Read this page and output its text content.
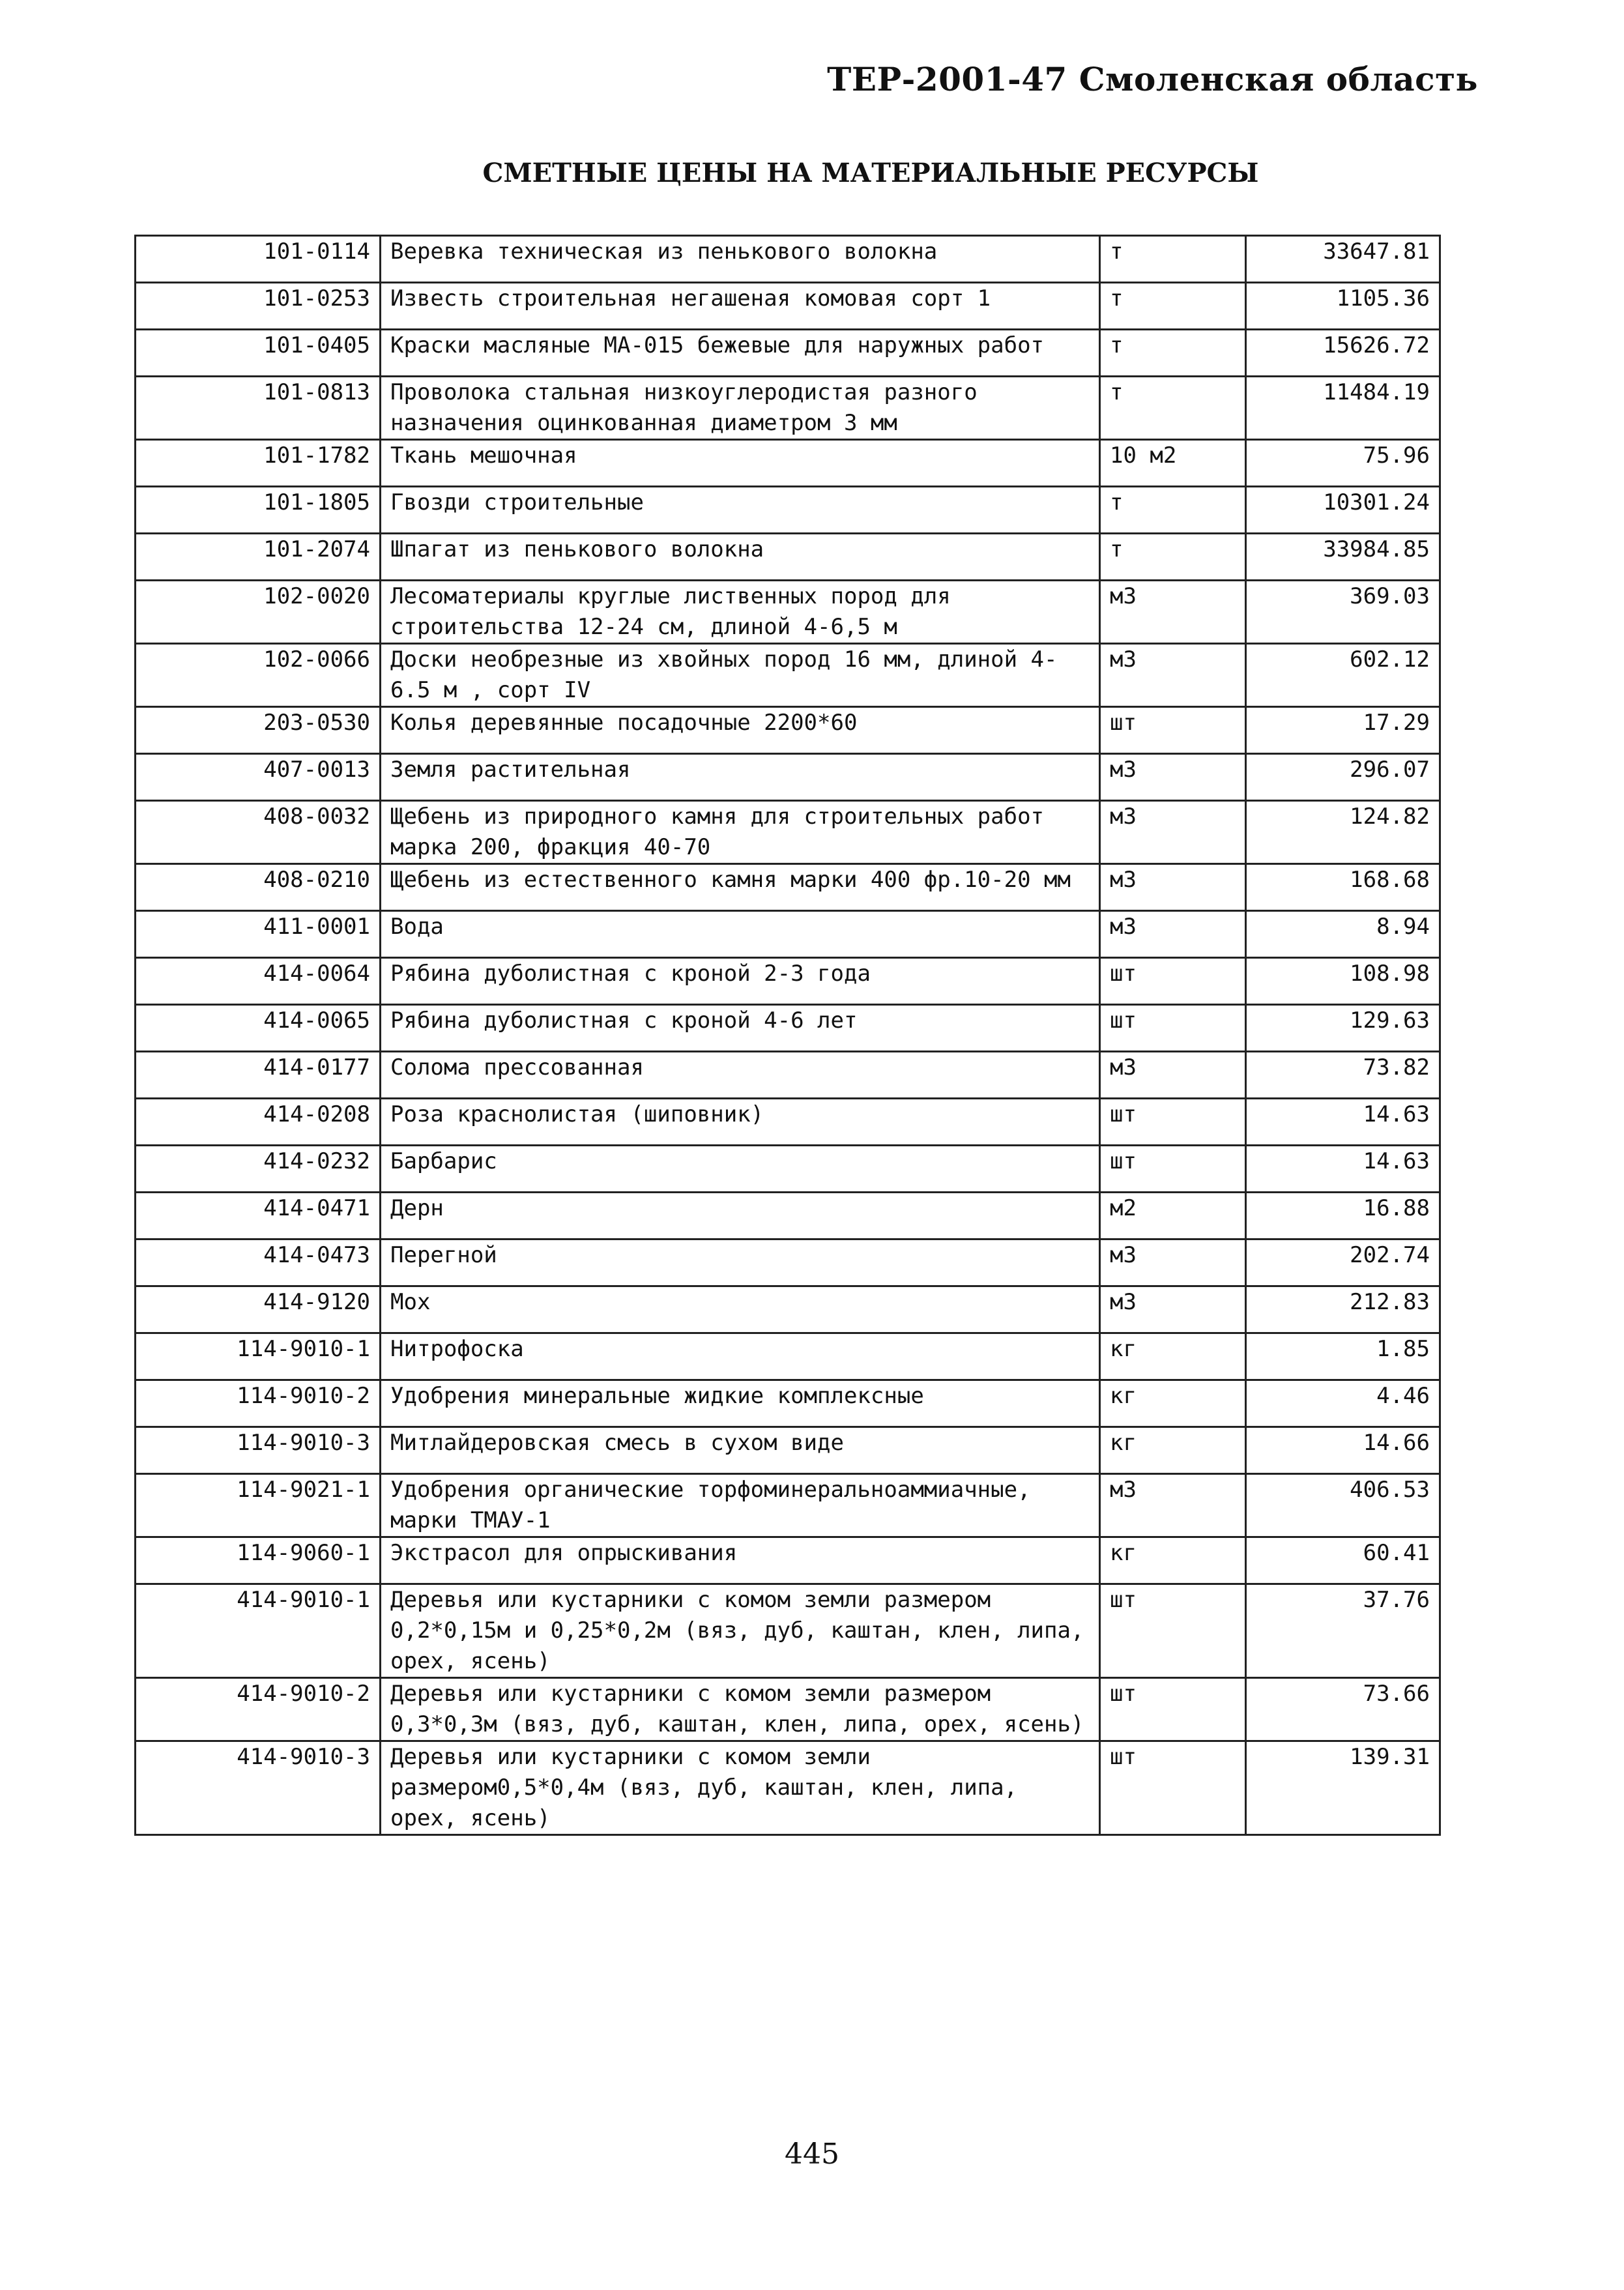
ТЕР-2001-47 Смоленская область
СМЕТНЫЕ ЦЕНЫ НА МАТЕРИАЛЬНЫЕ РЕСУРСЫ
101-0114	Веревка техническая из пенькового волокна	т	33647.81
101-0253	Известь строительная негашеная комовая сорт 1	т	1105.36
101-0405	Краски масляные МА-015 бежевые для наружных работ	т	15626.72
101-0813	Проволока стальная низкоуглеродистая разного назначения оцинкованная диаметром 3 мм	т	11484.19
101-1782	Ткань мешочная	10 м2	75.96
101-1805	Гвозди строительные	т	10301.24
101-2074	Шпагат из пенькового волокна	т	33984.85
102-0020	Лесоматериалы круглые лиственных пород для строительства 12-24 см, длиной 4-6,5 м	м3	369.03
102-0066	Доски необрезные из хвойных пород 16 мм, длиной 4-6.5 м , сорт IV	м3	602.12
203-0530	Колья деревянные посадочные 2200*60	шт	17.29
407-0013	Земля растительная	м3	296.07
408-0032	Щебень из природного камня для строительных работ марка 200, фракция 40-70	м3	124.82
408-0210	Щебень из естественного камня марки 400 фр.10-20 мм	м3	168.68
411-0001	Вода	м3	8.94
414-0064	Рябина дуболистная с кроной 2-3 года	шт	108.98
414-0065	Рябина дуболистная с кроной 4-6 лет	шт	129.63
414-0177	Солома прессованная	м3	73.82
414-0208	Роза краснолистая (шиповник)	шт	14.63
414-0232	Барбарис	шт	14.63
414-0471	Дерн	м2	16.88
414-0473	Перегной	м3	202.74
414-9120	Мох	м3	212.83
114-9010-1	Нитрофоска	кг	1.85
114-9010-2	Удобрения минеральные жидкие комплексные	кг	4.46
114-9010-3	Митлайдеровская смесь в сухом виде	кг	14.66
114-9021-1	Удобрения органические торфоминеральноаммиачные, марки ТМАУ-1	м3	406.53
114-9060-1	Экстрасол для опрыскивания	кг	60.41
414-9010-1	Деревья или кустарники с комом земли размером 0,2*0,15м и 0,25*0,2м (вяз, дуб, каштан, клен, липа, орех, ясень)	шт	37.76
414-9010-2	Деревья или кустарники с комом земли размером 0,3*0,3м (вяз, дуб, каштан, клен, липа, орех, ясень)	шт	73.66
414-9010-3	Деревья или кустарники с комом земли размером0,5*0,4м (вяз, дуб, каштан, клен, липа, орех, ясень)	шт	139.31
445
